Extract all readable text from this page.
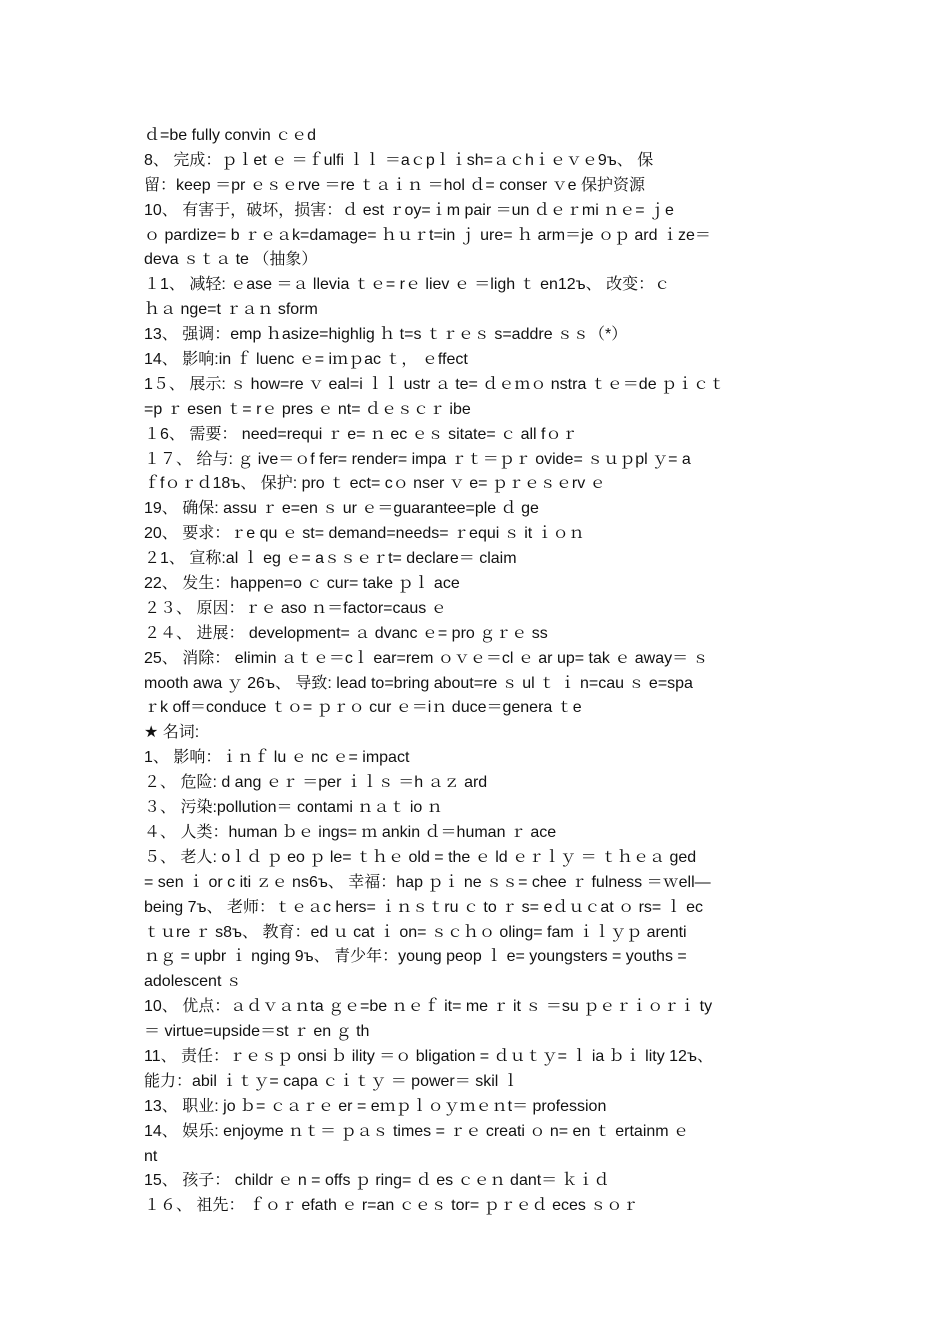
ｄ=be fully convin ｃｅd
8、 完成：ｐｌet ｅ ＝ｆulfi ｌｌ ＝aｃpｌｉsh=ａｃhｉｅｖｅ9ъ、 保
留：keep ＝pr ｅｓｅrve ＝re ｔａｉｎ ＝hol ｄ= conser ｖe 保护资源
10、 有害于，破坏，损害：ｄ est ｒoy=ｉm pair ＝un ｄｅｒmi ｎｅ= ｊe
ｏ pardize= b ｒｅａk=damage= ｈｕｒt=in ｊ ure= ｈ arm＝je ｏｐ ard ｉze＝
deva ｓｔａ te （抽象）
１1、 减轻: ｅase ＝ａ llevia ｔｅ= rｅ liev ｅ ＝ligh ｔ en12ъ、 改变：ｃ
ｈａ nge=t ｒａｎ sform
13、 强调：emp ｈasize=highlig ｈ t=s ｔｒｅｓ s=addre ｓｓ（*）
14、 影响:in ｆ luenc ｅ= iｍｐac ｔ， ｅffect
1５、 展示: ｓ how=re ｖ eal=i ｌｌ ustr ａ te= ｄｅｍｏ nstra ｔｅ＝de ｐｉｃｔ
=p ｒ esen ｔ= rｅ pres ｅ nt= ｄｅｓｃｒ ibe
１6、 需要： need=requi ｒ e= ｎ ec ｅｓ sitate= ｃ all fｏｒ
１７、 给与: ｇ ive＝ｏf fer= render= impa ｒｔ＝ｐｒ ovide= ｓｕｐpl ｙ= a
ｆfｏｒｄ18ъ、 保护: pro ｔ ect= cｏ nser ｖ e= ｐｒｅｓｅrv ｅ
19、 确保: assu ｒ e=en ｓ ur ｅ＝guarantee=ple ｄ ge
20、 要求：ｒe qu ｅ st= demand=needs= ｒequi ｓ it ｉｏｎ
２1、 宣称:al ｌ eg ｅ= aｓｓｅｒt= declare＝ claim
22、 发生：happen=o ｃ cur= take ｐｌ ace
２３、 原因：ｒｅ aso ｎ＝factor=caus ｅ
２４、 进展： development= ａ dvanc ｅ= pro ｇｒｅ ss
25、 消除： elimin ａｔｅ＝cｌ ear=rem ｏｖｅ＝cl ｅ ar up= tak ｅ away＝ ｓ
mooth awa ｙ 26ъ、 导致: lead to=bring about=re ｓ ul ｔ ｉ n=cau ｓ e=spa
ｒk off＝conduce ｔｏ= ｐｒｏ cur ｅ＝iｎ duce＝genera ｔe
★ 名词:
1、 影响：ｉｎｆ lu ｅ nc ｅ= impact
２、 危险: d ang ｅｒ ＝per ｉｌｓ ＝h ａｚ ard
３、 污染:pollution＝ contami ｎａｔ io ｎ
４、 人类：human ｂｅ ings= ｍ ankin ｄ＝human ｒ ace
５、 老人: oｌｄ ｐ eo ｐ le= ｔｈｅ old = the ｅ ld ｅｒｌｙ ＝ ｔｈｅａ ged
= sen ｉ or c iti ｚｅ ns6ъ、 幸福：hap ｐｉ ne ｓｓ= chee ｒ fulness ＝ｗell—
being 7ъ、 老师：ｔｅａc hers= ｉｎｓｔru ｃ to ｒ s= eｄｕｃat ｏ rs= ｌ ec
ｔｕre ｒ s8ъ、 教育：ed ｕ cat ｉ on= ｓｃｈｏ oling= fam ｉｌｙｐ arenti
ｎｇ = upbr ｉ nging 9ъ、 青少年：young peop ｌ e= youngsters = youths =
adolescent ｓ
10、 优点：ａｄｖａｎta ｇｅ=be ｎｅｆ it= me ｒ it ｓ ＝su ｐｅｒｉｏｒｉ ty
＝ virtue=upside＝st ｒ en ｇ th
11、 责任：ｒｅｓｐ onsi ｂ ility ＝ｏ bligation = ｄｕｔｙ= ｌ ia ｂｉ lity 12ъ、
能力：abil ｉｔｙ= capa ｃｉｔｙ ＝ power＝ skil ｌ
13、 职业: jo ｂ= ｃａｒｅ er = eｍｐｌｏｙｍｅｎt＝ profession
14、 娱乐: enjoyme ｎｔ＝ ｐａｓ times = ｒｅ creati ｏ n= en ｔ ertainm ｅ
nt
15、 孩子： childr ｅ n = offs ｐ ring= ｄ es ｃｅｎ dant＝ ｋｉｄ
１６、 祖先： ｆｏｒ efath ｅ r=an ｃｅｓ tor= ｐｒｅｄ eces ｓｏｒ
